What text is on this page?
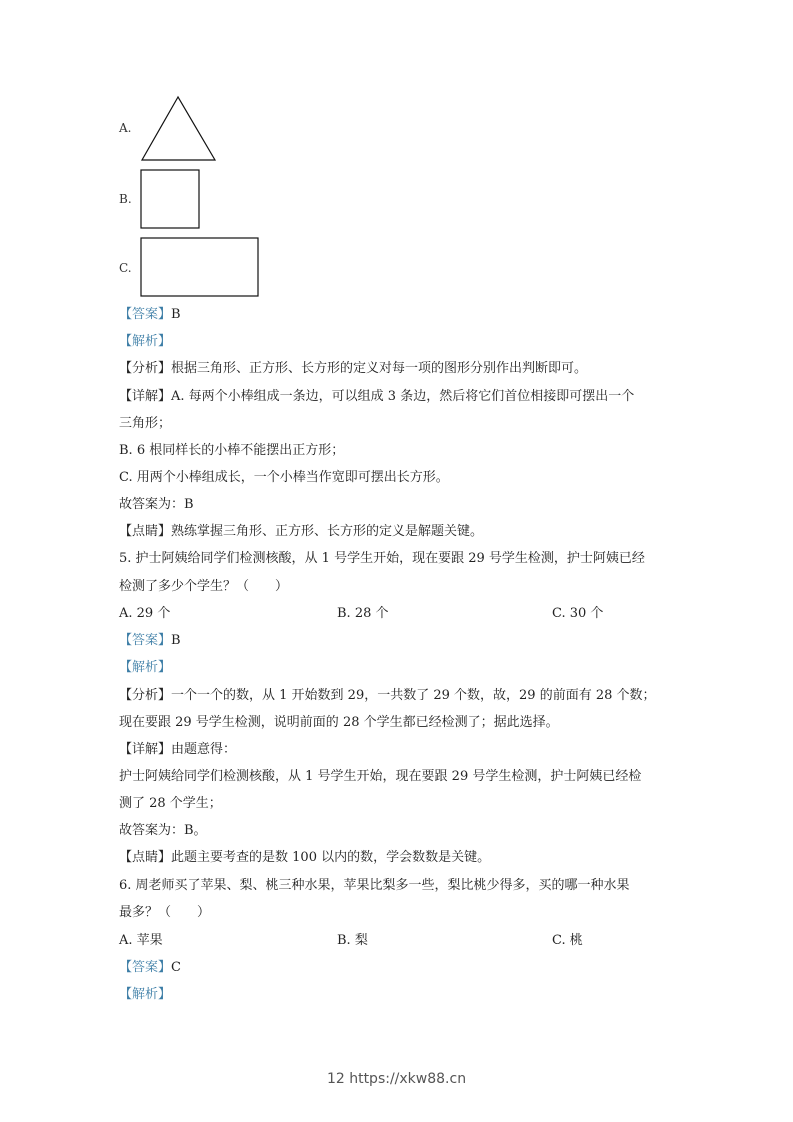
A.
B.
C.
【答案】B
【解析】
【分析】根据三角形、正方形、长方形的定义对每一项的图形分别作出判断即可。
【详解】A. 每两个小棒组成一条边，可以组成 3 条边，然后将它们首位相接即可摆出一个
三角形；
B. 6 根同样长的小棒不能摆出正方形；
C. 用两个小棒组成长，一个小棒当作宽即可摆出长方形。
故答案为：B
【点睛】熟练掌握三角形、正方形、长方形的定义是解题关键。
5. 护士阿姨给同学们检测核酸，从 1 号学生开始，现在要跟 29 号学生检测，护士阿姨已经
检测了多少个学生？（　　）
A. 29 个	B. 28 个	C. 30 个
【答案】B
【解析】
【分析】一个一个的数，从 1 开始数到 29，一共数了 29 个数，故，29 的前面有 28 个数；
现在要跟 29 号学生检测，说明前面的 28 个学生都已经检测了；据此选择。
【详解】由题意得：
护士阿姨给同学们检测核酸，从 1 号学生开始，现在要跟 29 号学生检测，护士阿姨已经检
测了 28 个学生；
故答案为：B。
【点睛】此题主要考查的是数 100 以内的数，学会数数是关键。
6. 周老师买了苹果、梨、桃三种水果，苹果比梨多一些，梨比桃少得多，买的哪一种水果
最多？（　　）
A. 苹果	B. 梨	C. 桃
【答案】C
【解析】
12 https://xkw88.cn
